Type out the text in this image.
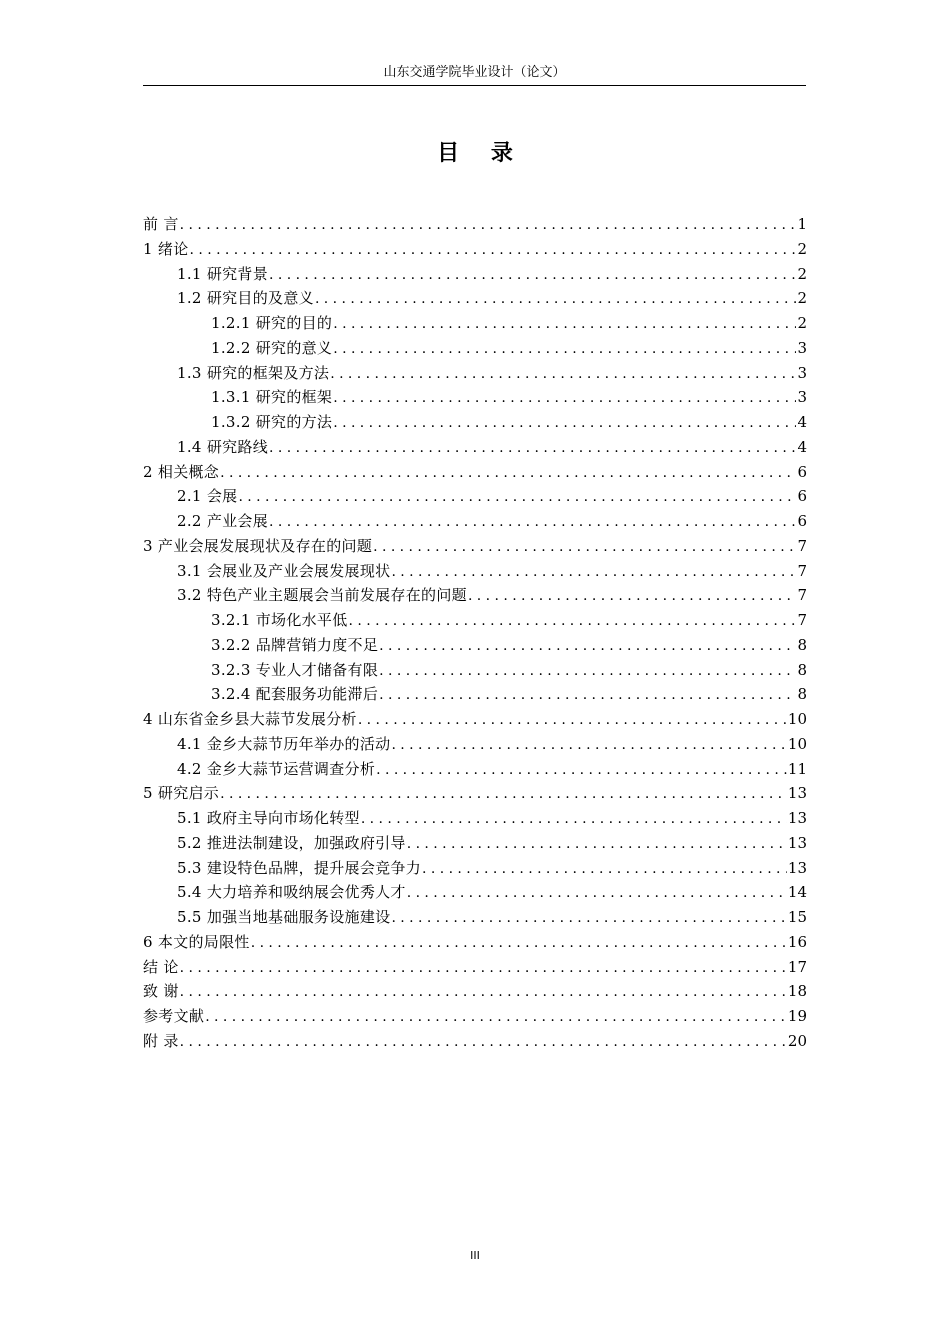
山东交通学院毕业设计（论文）
目 录
前 言 .....	1
1 绪论 .....	2
1.1 研究背景 .....	2
1.2 研究目的及意义 .....	2
1.2.1 研究的目的 .....	2
1.2.2 研究的意义 .....	3
1.3 研究的框架及方法 .....	3
1.3.1 研究的框架 .....	3
1.3.2 研究的方法 .....	4
1.4 研究路线 .....	4
2 相关概念 .....	6
2.1 会展 .....	6
2.2 产业会展 .....	6
3 产业会展发展现状及存在的问题 .....	7
3.1 会展业及产业会展发展现状 .....	7
3.2 特色产业主题展会当前发展存在的问题 .....	7
3.2.1 市场化水平低 .....	7
3.2.2 品牌营销力度不足 .....	8
3.2.3 专业人才储备有限 .....	8
3.2.4 配套服务功能滞后 .....	8
4 山东省金乡县大蒜节发展分析 .....	10
4.1 金乡大蒜节历年举办的活动 .....	10
4.2 金乡大蒜节运营调查分析 .....	11
5 研究启示 .....	13
5.1 政府主导向市场化转型 .....	13
5.2 推进法制建设，加强政府引导 .....	13
5.3 建设特色品牌，提升展会竞争力 .....	13
5.4 大力培养和吸纳展会优秀人才 .....	14
5.5 加强当地基础服务设施建设 .....	15
6 本文的局限性 .....	16
结 论 .....	17
致 谢 .....	18
参考文献 .....	19
附 录 .....	20
III
